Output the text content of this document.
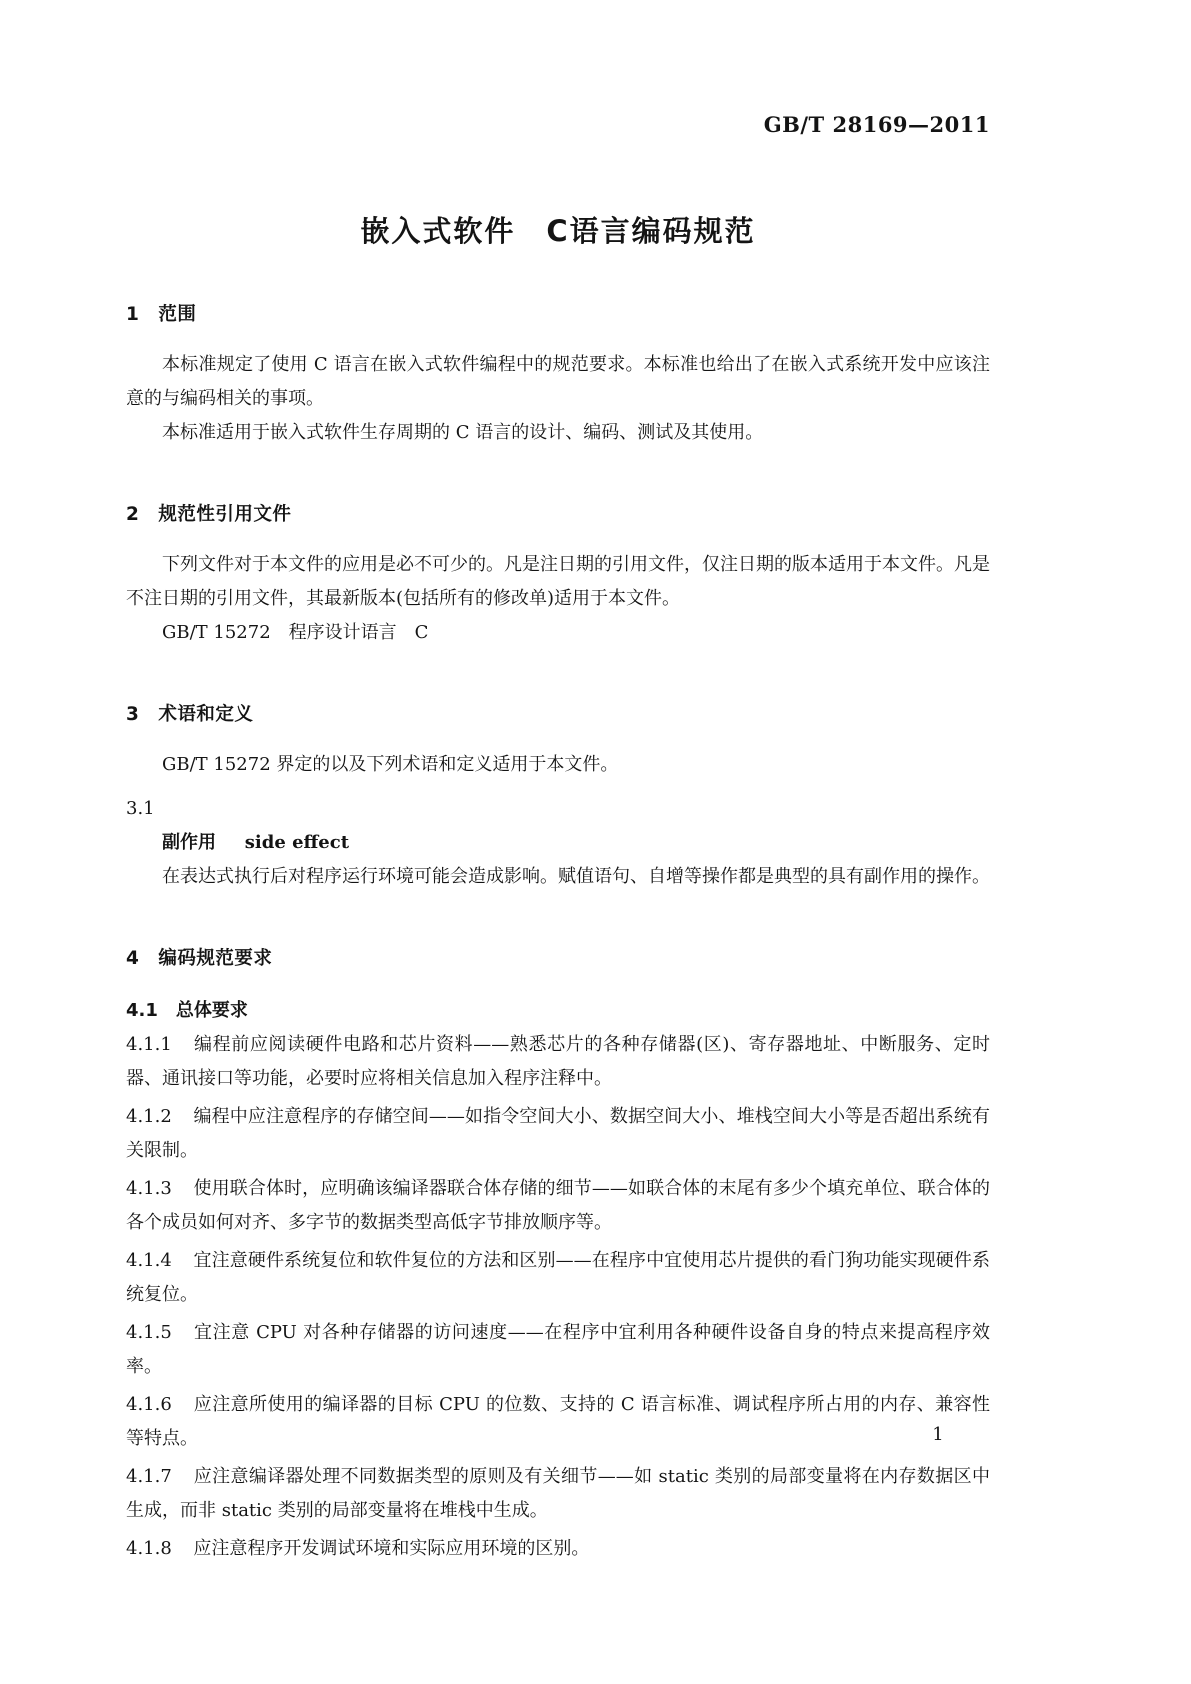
GB/T 28169—2011
嵌入式软件　C语言编码规范
1　范围

本标准规定了使用 C 语言在嵌入式软件编程中的规范要求。本标准也给出了在嵌入式系统开发中应该注意的与编码相关的事项。

本标准适用于嵌入式软件生存周期的 C 语言的设计、编码、测试及其使用。

2　规范性引用文件

下列文件对于本文件的应用是必不可少的。凡是注日期的引用文件，仅注日期的版本适用于本文件。凡是不注日期的引用文件，其最新版本(包括所有的修改单)适用于本文件。

GB/T 15272　程序设计语言　C

3　术语和定义

GB/T 15272 界定的以及下列术语和定义适用于本文件。

3.1

副作用 side effect

在表达式执行后对程序运行环境可能会造成影响。赋值语句、自增等操作都是典型的具有副作用的操作。

4　编码规范要求
4.1　总体要求

4.1.1 编程前应阅读硬件电路和芯片资料——熟悉芯片的各种存储器(区)、寄存器地址、中断服务、定时器、通讯接口等功能，必要时应将相关信息加入程序注释中。

4.1.2 编程中应注意程序的存储空间——如指令空间大小、数据空间大小、堆栈空间大小等是否超出系统有关限制。

4.1.3 使用联合体时，应明确该编译器联合体存储的细节——如联合体的末尾有多少个填充单位、联合体的各个成员如何对齐、多字节的数据类型高低字节排放顺序等。

4.1.4 宜注意硬件系统复位和软件复位的方法和区别——在程序中宜使用芯片提供的看门狗功能实现硬件系统复位。

4.1.5 宜注意 CPU 对各种存储器的访问速度——在程序中宜利用各种硬件设备自身的特点来提高程序效率。

4.1.6 应注意所使用的编译器的目标 CPU 的位数、支持的 C 语言标准、调试程序所占用的内存、兼容性等特点。

4.1.7 应注意编译器处理不同数据类型的原则及有关细节——如 static 类别的局部变量将在内存数据区中生成，而非 static 类别的局部变量将在堆栈中生成。

4.1.8 应注意程序开发调试环境和实际应用环境的区别。

1
